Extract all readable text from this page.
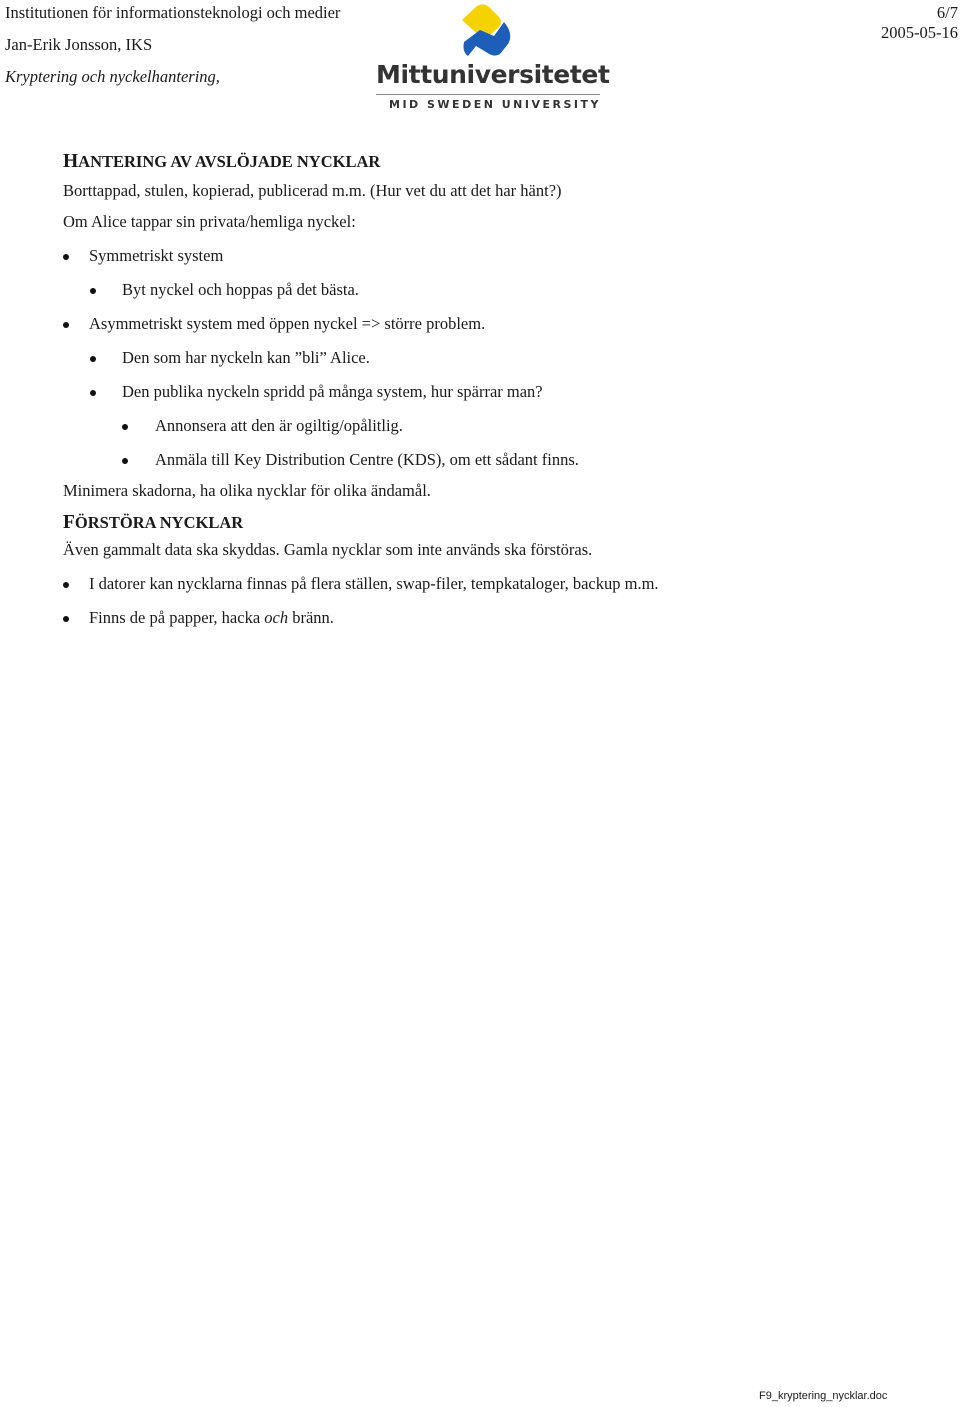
Institutionen för informationsteknologi och medier
Jan-Erik Jonsson, IKS
Kryptering och nyckelhantering,	Mittuniversitetet
MID SWEDEN UNIVERSITY
6/7
2005-05-16
HANTERING AV AVSLÖJADE NYCKLAR

Borttappad, stulen, kopierad, publicerad m.m. (Hur vet du att det har hänt?)

Om Alice tappar sin privata/hemliga nyckel:

Symmetriskt system
Byt nyckel och hoppas på det bästa.
Asymmetriskt system med öppen nyckel => större problem.
Den som har nyckeln kan ”bli” Alice.
Den publika nyckeln spridd på många system, hur spärrar man?
Annonsera att den är ogiltig/opålitlig.
Anmäla till Key Distribution Centre (KDS), om ett sådant finns.

Minimera skadorna, ha olika nycklar för olika ändamål.

FÖRSTÖRA NYCKLAR

Även gammalt data ska skyddas. Gamla nycklar som inte används ska förstöras.

I datorer kan nycklarna finnas på flera ställen, swap-filer, tempkataloger, backup m.m.
Finns de på papper, hacka och bränn.
F9_kryptering_nycklar.doc
